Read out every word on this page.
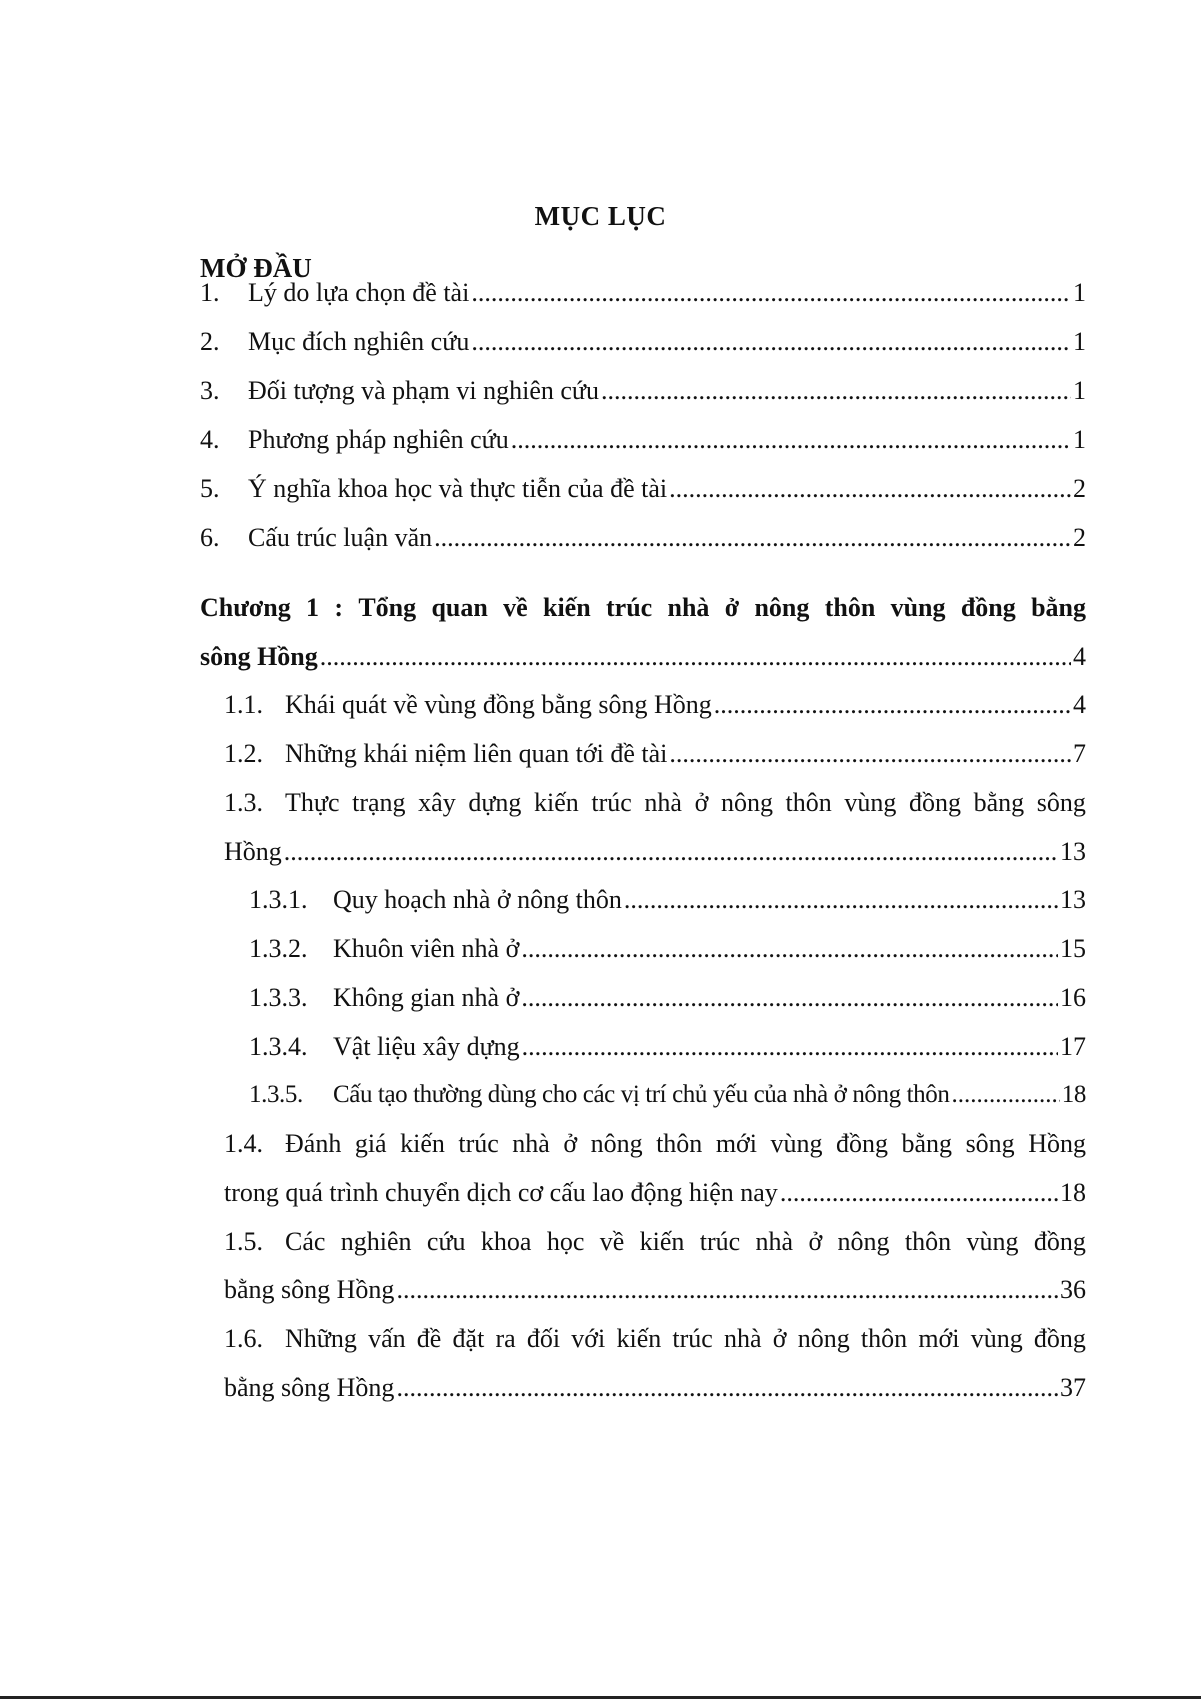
MỤC LỤC
MỞ ĐẦU
1.	Lý do lựa chọn đề tài .....	1
2.	Mục đích nghiên cứu .....	1
3.	Đối tượng và phạm vi nghiên cứu .....	1
4.	Phương pháp nghiên cứu .....	1
5.	Ý nghĩa khoa học và thực tiễn của đề tài .....	2
6.	Cấu trúc luận văn .....	2
Chương 1 : Tổng quan về kiến trúc nhà ở nông thôn vùng đồng bằng
sông Hồng .....	4
1.1. Khái quát về vùng đồng bằng sông Hồng .....	4
1.2. Những khái niệm liên quan tới đề tài .....	7
1.3. Thực trạng xây dựng kiến trúc nhà ở nông thôn vùng đồng bằng sông
Hồng .....	13
1.3.1. Quy hoạch nhà ở nông thôn .....	13
1.3.2. Khuôn viên nhà ở .....	15
1.3.3. Không gian nhà ở .....	16
1.3.4. Vật liệu xây dựng .....	17
1.3.5.	Cấu tạo thường dùng cho các vị trí chủ yếu của nhà ở nông thôn .....	18
1.4. Đánh giá kiến trúc nhà ở nông thôn mới vùng đồng bằng sông Hồng
trong quá trình chuyển dịch cơ cấu lao động hiện nay .....	18
1.5. Các nghiên cứu khoa học về kiến trúc nhà ở nông thôn vùng đồng
bằng sông Hồng .....	36
1.6. Những vấn đề đặt ra đối với kiến trúc nhà ở nông thôn mới vùng đồng
bằng sông Hồng .....	37
